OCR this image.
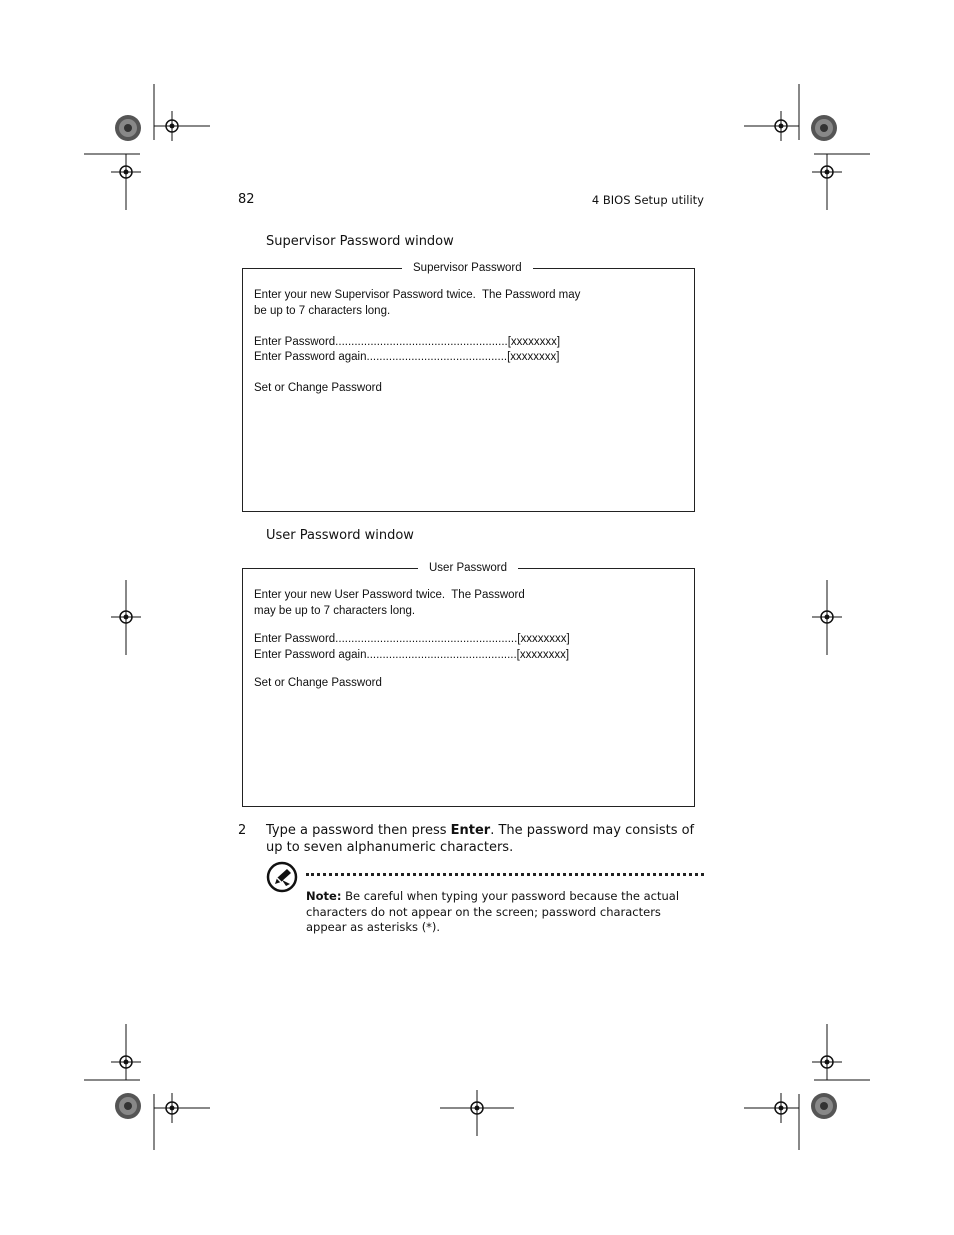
82	4 BIOS Setup utility
Supervisor Password window
Supervisor Password

Enter your new Supervisor Password twice.  The Password may

be up to 7 characters long.

Enter Password......................................................[xxxxxxxx]

Enter Password again............................................[xxxxxxxx]

Set or Change Password

User Password window
User Password

Enter your new User Password twice.  The Password

may be up to 7 characters long.

Enter Password.........................................................[xxxxxxxx]

Enter Password again...............................................[xxxxxxxx]

Set or Change Password

2 Type a password then press Enter. The password may consists of up to seven alphanumeric characters.
Note: Be careful when typing your password because the actual characters do not appear on the screen; password characters appear as asterisks (*).
